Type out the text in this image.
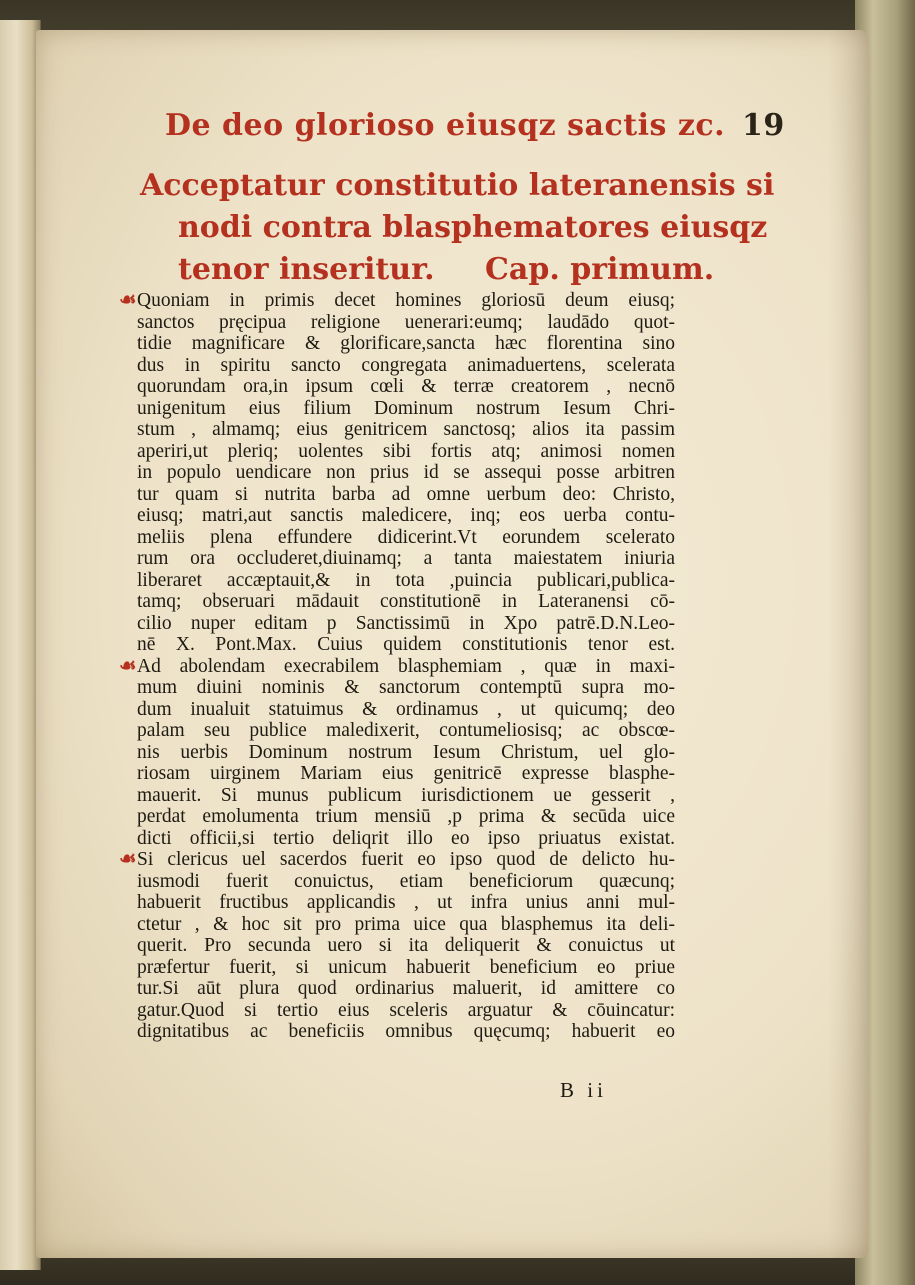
De deo glorioso eiusqz sactis zc. 19
Acceptatur constitutio lateranensis si
nodi contra blasphematores eiusqz
tenor inseritur. Cap. primum.
☙Quoniam in primis decet homines gloriosū deum eiusq;
sanctos pręcipua religione uenerari:eumq; laudādo quot-
tidie magnificare & glorificare,sancta hæc florentina sino
dus in spiritu sancto congregata animaduertens, scelerata
quorundam ora,in ipsum cœli & terræ creatorem , necnō
unigenitum eius filium Dominum nostrum Iesum Chri-
stum , almamq; eius genitricem sanctosq; alios ita passim
aperiri,ut pleriq; uolentes sibi fortis atq; animosi nomen
in populo uendicare non prius id se assequi posse arbitren
tur quam si nutrita barba ad omne uerbum deo: Christo,
eiusq; matri,aut sanctis maledicere, inq; eos uerba contu-
meliis plena effundere didicerint.Vt eorundem scelerato
rum ora occluderet,diuinamq; a tanta maiestatem iniuria
liberaret accæptauit,& in tota ,puincia publicari,publica-
tamq; obseruari mādauit constitutionē in Lateranensi cō-
cilio nuper editam p Sanctissimū in Xpo patrē.D.N.Leo-
nē X. Pont.Max. Cuius quidem constitutionis tenor est.
☙Ad abolendam execrabilem blasphemiam , quæ in maxi-
mum diuini nominis & sanctorum contemptū supra mo-
dum inualuit statuimus & ordinamus , ut quicumq; deo
palam seu publice maledixerit, contumeliosisq; ac obscœ-
nis uerbis Dominum nostrum Iesum Christum, uel glo-
riosam uirginem Mariam eius genitricē expresse blasphe-
mauerit. Si munus publicum iurisdictionem ue gesserit ,
perdat emolumenta trium mensiū ,p prima & secūda uice
dicti officii,si tertio deliqrit illo eo ipso priuatus existat.
☙Si clericus uel sacerdos fuerit eo ipso quod de delicto hu-
iusmodi fuerit conuictus, etiam beneficiorum quæcunq;
habuerit fructibus applicandis , ut infra unius anni mul-
ctetur , & hoc sit pro prima uice qua blasphemus ita deli-
querit. Pro secunda uero si ita deliquerit & conuictus ut
præfertur fuerit, si unicum habuerit beneficium eo priue
tur.Si aūt plura quod ordinarius maluerit, id amittere co
gatur.Quod si tertio eius sceleris arguatur & cōuincatur:
dignitatibus ac beneficiis omnibus quęcumq; habuerit eo
B ii
